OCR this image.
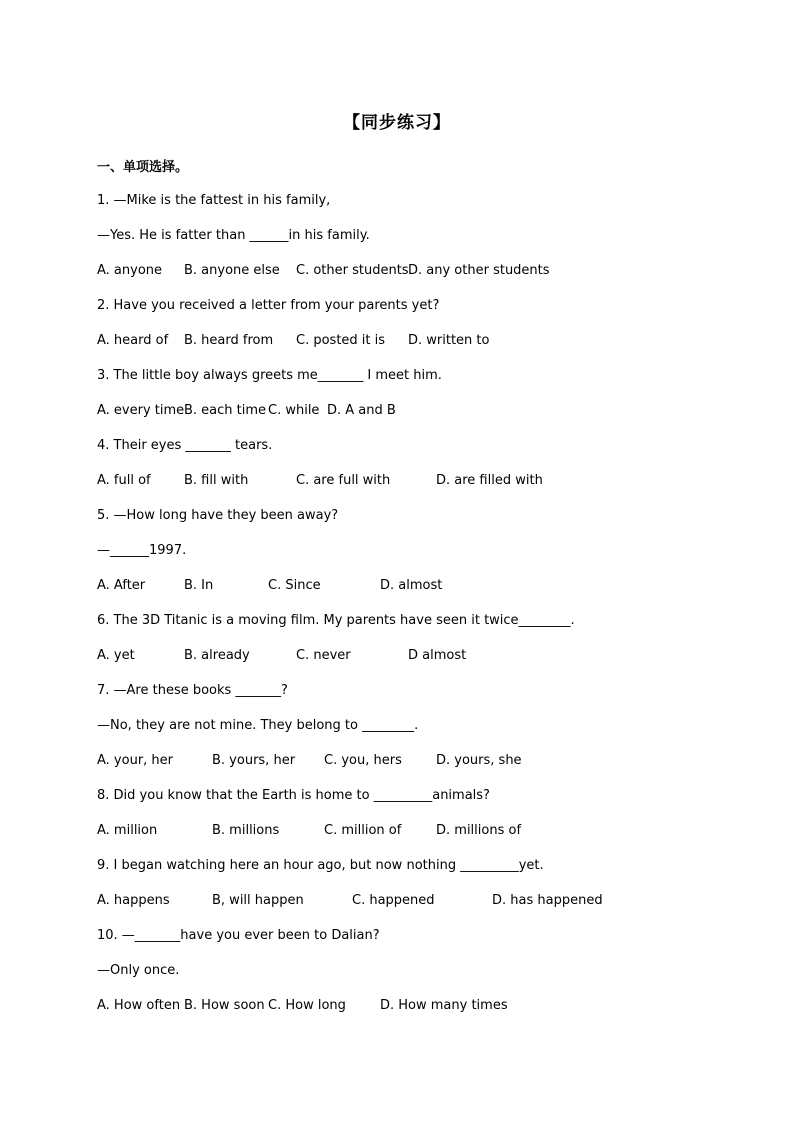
【同步练习】
一、单项选择。
1. —Mike is the fattest in his family,
—Yes. He is fatter than ______in his family.
A. anyone B. anyone else C. other students D. any other students
2. Have you received a letter from your parents yet?
A. heard of B. heard from C. posted it is D. written to
3. The little boy always greets me_______ I meet him.
A. every time B. each time C. while D. A and B
4. Their eyes _______ tears.
A. full of	B. fill with	C. are full with	D. are filled with
5. —How long have they been away?
—______1997.
A. After	B. In	C. Since	D. almost
6. The 3D Titanic is a moving film. My parents have seen it twice________.
A. yet	B. already	C. never	D almost
7. —Are these books _______?
—No, they are not mine. They belong to ________.
A. your, her	B. yours, her C. you, hers	D. yours, she
8. Did you know that the Earth is home to _________animals?
A. million	B. millions	C. million of	D. millions of
9. I began watching here an hour ago, but now nothing _________yet.
A. happens	B, will happen	C. happened	D. has happened
10. —_______have you ever been to Dalian?
—Only once.
A. How often B. How soon C. How long	D. How many times
